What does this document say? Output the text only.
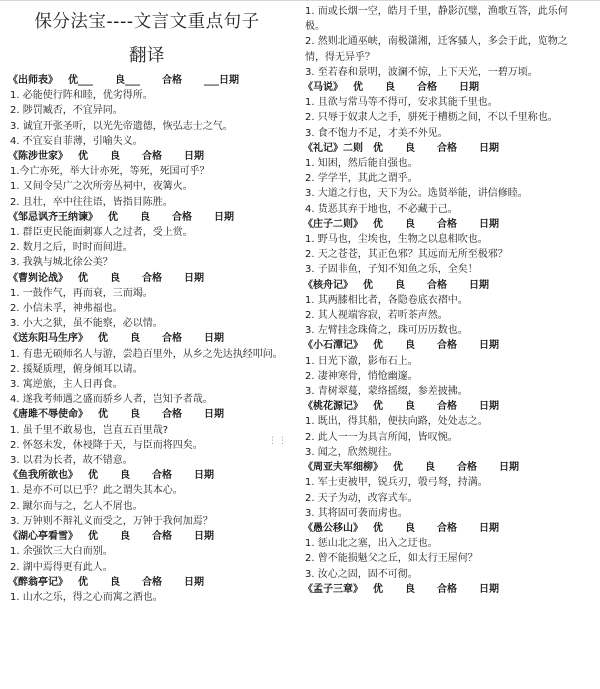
保分法宝----文言文重点句子
翻译
《出师表》 优___ 良___ 合格 ___日期
1. 必能使行阵和睦，优劣得所。
2. 陟罚臧否，不宜异同。
3. 诚宜开张圣听，以光先帝遗德，恢弘志士之气。
4. 不宜妄自菲薄，引喻失义。
《陈涉世家》 优 良 合格 日期
1.今亡亦死，举大计亦死，等死，死国可乎？
1. 又间令吴广之次所旁丛祠中，夜篝火。
2. 且壮，卒中往往语，皆指目陈胜。
《邹忌讽齐王纳谏》 优 良 合格 日期
1. 群臣吏民能面刺寡人之过者，受上赏。
2. 数月之后，时时而间进。
3. 我孰与城北徐公美？
《曹刿论战》 优 良 合格 日期
1. 一鼓作气，再而衰，三而竭。
2. 小信未孚，神弗福也。
3. 小大之狱，虽不能察，必以情。
《送东阳马生序》 优 良 合格 日期
1. 有患无硕师名人与游，尝趋百里外，从乡之先达执经叩问。
2. 援疑质理，俯身倾耳以请。
3. 寓逆旅，主人日再食。
4. 遂我考师遇之盛而骄乡人者，岂知予者哉。
《唐雎不辱使命》 优 良 合格 日期
1. 虽千里不敢易也，岂直五百里哉?
2. 怀怒未发，休祲降于天，与臣而将四矣。
3. 以君为长者，故不错意。
《鱼我所欲也》 优 良 合格 日期
1. 是亦不可以已乎？此之谓失其本心。
2. 蹴尔而与之，乞人不屑也。
3. 万钟则不辩礼义而受之，万钟于我何加焉？
《湖心亭看雪》 优 良 合格 日期
1. 余强饮三大白而别。
2. 湖中焉得更有此人。
《醉翁亭记》 优 良 合格 日期
1. 山水之乐，得之心而寓之酒也。
1. 而或长烟一空，皓月千里，静影沉璧，渔歌互答，此乐何极。
2. 然则北通巫峡，南极潇湘，迁客骚人，多会于此，览物之情，得无异乎？
3. 至若春和景明，波澜不惊，上下天光，一碧万顷。
《马说》 优 良 合格 日期
1. 且欲与常马等不得可，安求其能千里也。
2. 只辱于奴隶人之手，骈死于槽枥之间，不以千里称也。
3. 食不饱力不足，才美不外见。
《礼记》二则 优 良 合格 日期
1. 知困，然后能自强也。
2. 学学半，其此之谓乎。
3. 大道之行也，天下为公。选贤举能，讲信修睦。
4. 货恶其弃于地也，不必藏于己。
《庄子二则》 优 良 合格 日期
1. 野马也，尘埃也，生物之以息相吹也。
2. 天之苍苍，其正色邪？其远而无所至极邪？
3. 子固非鱼，子知不知鱼之乐，全矣！
《核舟记》 优 良 合格 日期
1. 其两膝相比者，各隐卷底衣褶中。
2. 其人视端容寂，若听茶声然。
3. 左臂挂念珠倚之，珠可历历数也。
《小石潭记》 优 良 合格 日期
1. 日光下澈，影布石上。
2. 凄神寒骨，悄怆幽邃。
3. 青树翠蔓，蒙络摇缀，参差披拂。
《桃花源记》 优 良 合格 日期
1. 既出，得其船，便扶向路，处处志之。
2. 此人一一为具言所闻，皆叹惋。
3. 闻之，欣然规往。
《周亚夫军细柳》 优 良 合格 日期
1. 军士吏被甲，锐兵刃，彀弓弩，持满。
2. 天子为动，改容式车。
3. 其将固可袭而虏也。
《愚公移山》 优 良 合格 日期
1. 惩山北之塞，出入之迂也。
2. 曾不能损魁父之丘，如太行王屋何？
3. 汝心之固，固不可彻。
《孟子三章》 优 良 合格 日期
⋮⋮
